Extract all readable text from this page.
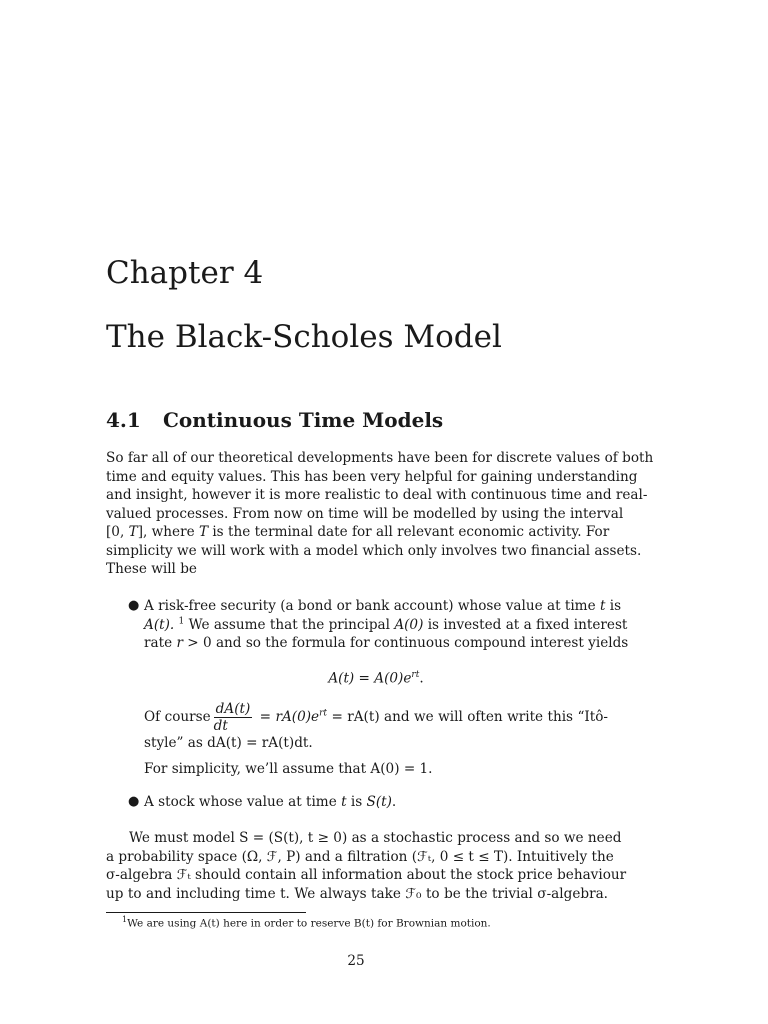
Chapter 4
The Black-Scholes Model
4.1 Continuous Time Models
So far all of our theoretical developments have been for discrete values of both
time and equity values. This has been very helpful for gaining understanding
and insight, however it is more realistic to deal with continuous time and real-
valued processes. From now on time will be modelled by using the interval
[0, T], where T is the terminal date for all relevant economic activity. For
simplicity we will work with a model which only involves two financial assets.
These will be
● A risk-free security (a bond or bank account) whose value at time t is
A(t). $^1$ We assume that the principal A(0) is invested at a fixed interest
rate r > 0 and so the formula for continuous compound interest yields
$A(t) = A(0)e^{rt}$.
Of course $\frac{dA(t)}{dt} = rA(0)e^{rt} = rA(t)$ and we will often write this “Itô-
style” as dA(t) = rA(t)dt.
For simplicity, we’ll assume that A(0) = 1.
● A stock whose value at time t is S(t).
We must model S = (S(t), t ≥ 0) as a stochastic process and so we need
a probability space (Ω, ℱ, P) and a filtration (ℱₜ, 0 ≤ t ≤ T). Intuitively the
σ-algebra ℱₜ should contain all information about the stock price behaviour
up to and including time t. We always take ℱ₀ to be the trivial σ-algebra.
$^1$We are using A(t) here in order to reserve B(t) for Brownian motion.
25
